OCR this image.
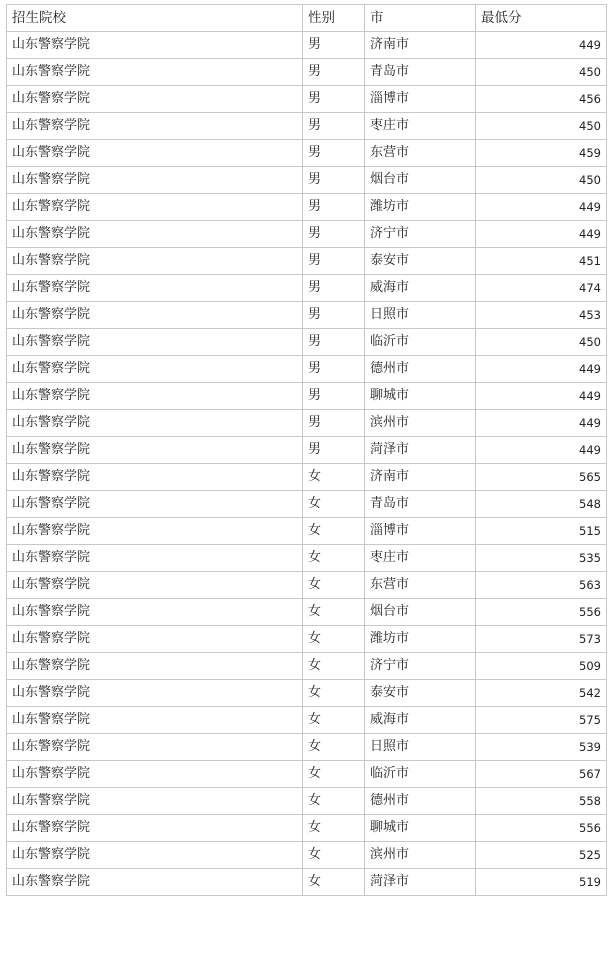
招生院校	性别	市	最低分
山东警察学院	男	济南市	449
山东警察学院	男	青岛市	450
山东警察学院	男	淄博市	456
山东警察学院	男	枣庄市	450
山东警察学院	男	东营市	459
山东警察学院	男	烟台市	450
山东警察学院	男	潍坊市	449
山东警察学院	男	济宁市	449
山东警察学院	男	泰安市	451
山东警察学院	男	威海市	474
山东警察学院	男	日照市	453
山东警察学院	男	临沂市	450
山东警察学院	男	德州市	449
山东警察学院	男	聊城市	449
山东警察学院	男	滨州市	449
山东警察学院	男	菏泽市	449
山东警察学院	女	济南市	565
山东警察学院	女	青岛市	548
山东警察学院	女	淄博市	515
山东警察学院	女	枣庄市	535
山东警察学院	女	东营市	563
山东警察学院	女	烟台市	556
山东警察学院	女	潍坊市	573
山东警察学院	女	济宁市	509
山东警察学院	女	泰安市	542
山东警察学院	女	威海市	575
山东警察学院	女	日照市	539
山东警察学院	女	临沂市	567
山东警察学院	女	德州市	558
山东警察学院	女	聊城市	556
山东警察学院	女	滨州市	525
山东警察学院	女	菏泽市	519
